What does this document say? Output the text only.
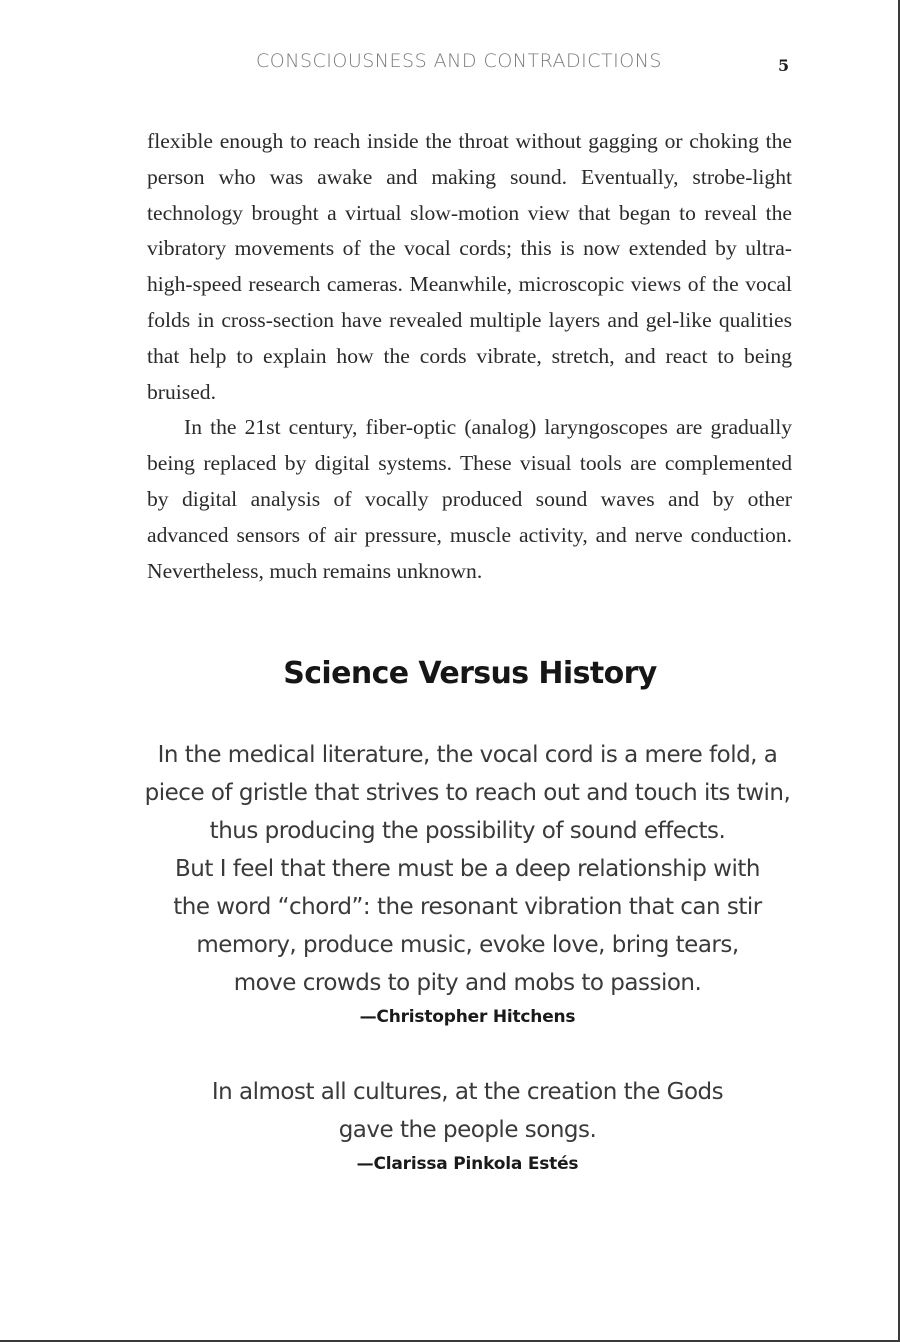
CONSCIOUSNESS AND CONTRADICTIONS	5

flexible enough to reach inside the throat without gagging or choking the person who was awake and making sound. Eventually, strobe-light technology brought a virtual slow-motion view that began to reveal the vibratory movements of the vocal cords; this is now extended by ultra-high-speed research cameras. Meanwhile, microscopic views of the vocal folds in cross-section have revealed multiple layers and gel-like qualities that help to explain how the cords vibrate, stretch, and react to being bruised.

In the 21st century, fiber-optic (analog) laryngoscopes are gradually being replaced by digital systems. These visual tools are complemented by digital analysis of vocally produced sound waves and by other advanced sensors of air pressure, muscle activity, and nerve conduction. Nevertheless, much remains unknown.

Science Versus History
In the medical literature, the vocal cord is a mere fold, a
piece of gristle that strives to reach out and touch its twin,
thus producing the possibility of sound effects.
But I feel that there must be a deep relationship with
the word “chord”: the resonant vibration that can stir
memory, produce music, evoke love, bring tears,
move crowds to pity and mobs to passion.
—Christopher Hitchens
In almost all cultures, at the creation the Gods
gave the people songs.
—Clarissa Pinkola Estés
